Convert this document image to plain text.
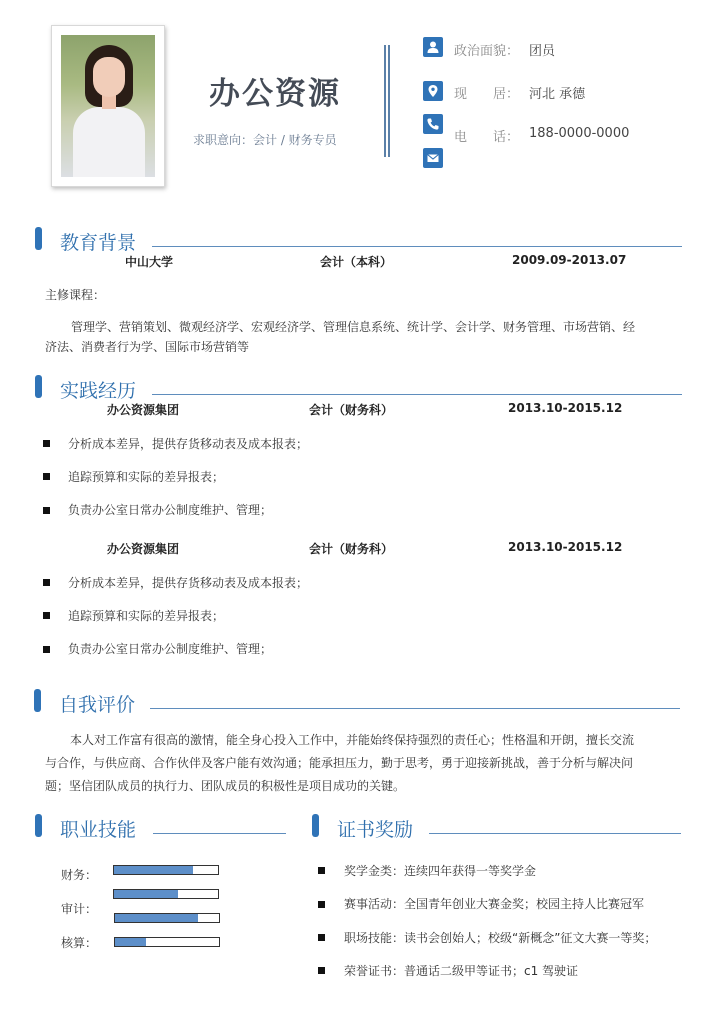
办公资源
求职意向：会计 / 财务专员
政治面貌： 团员
现　　居： 河北 承德
电　　话： 188-0000-0000
教育背景
中山大学	会计（本科）	2009.09-2013.07
主修课程：
管理学、营销策划、微观经济学、宏观经济学、管理信息系统、统计学、会计学、财务管理、市场营销、经
济法、消费者行为学、国际市场营销等
实践经历
办公资源集团	会计（财务科）	2013.10-2015.12
分析成本差异，提供存货移动表及成本报表；
追踪预算和实际的差异报表；
负责办公室日常办公制度维护、管理；
办公资源集团	会计（财务科）	2013.10-2015.12
分析成本差异，提供存货移动表及成本报表；
追踪预算和实际的差异报表；
负责办公室日常办公制度维护、管理；
自我评价
本人对工作富有很高的激情，能全身心投入工作中，并能始终保持强烈的责任心；性格温和开朗，擅长交流
与合作，与供应商、合作伙伴及客户能有效沟通；能承担压力，勤于思考，勇于迎接新挑战，善于分析与解决问
题；坚信团队成员的执行力、团队成员的积极性是项目成功的关键。
职业技能
财务：
审计：
核算：
证书奖励
奖学金类：连续四年获得一等奖学金
赛事活动：全国青年创业大赛金奖；校园主持人比赛冠军
职场技能：读书会创始人；校级“新概念”征文大赛一等奖；
荣誉证书：普通话二级甲等证书；c1 驾驶证
